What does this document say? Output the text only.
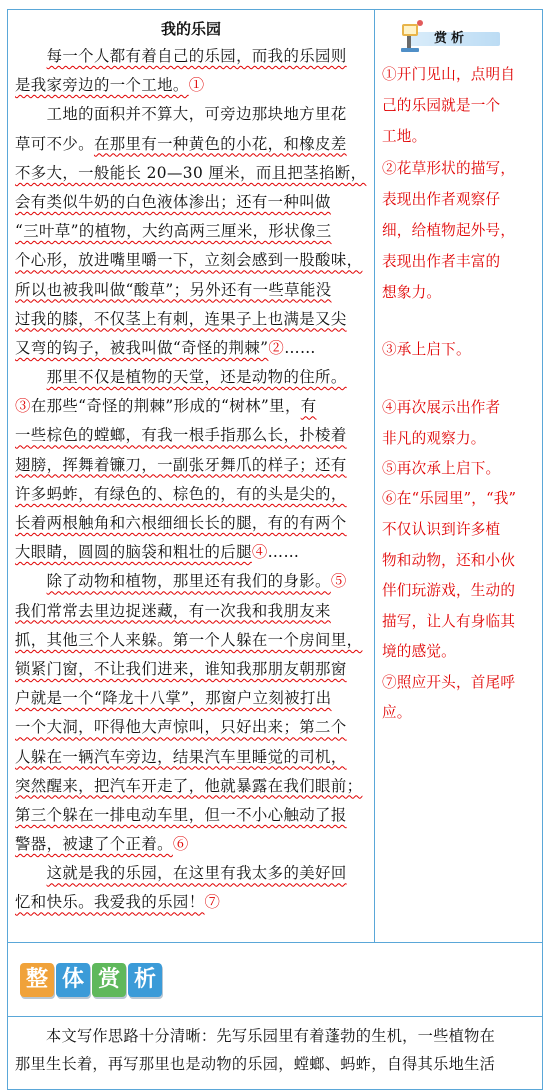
我的乐园
　　每一个人都有着自己的乐园，而我的乐园则
是我家旁边的一个工地。①
　　工地的面积并不算大，可旁边那块地方里花
草可不少。在那里有一种黄色的小花，和橡皮差
不多大，一般能长 20—30 厘米，而且把茎掐断，
会有类似牛奶的白色液体渗出；还有一种叫做
“三叶草”的植物，大约高两三厘米，形状像三
个心形，放进嘴里嚼一下，立刻会感到一股酸味，
所以也被我叫做“酸草”；另外还有一些草能没
过我的膝，不仅茎上有刺，连果子上也满是又尖
又弯的钩子，被我叫做“奇怪的荆棘”②……
　　那里不仅是植物的天堂，还是动物的住所。
③在那些“奇怪的荆棘”形成的“树林”里，有
一些棕色的螳螂，有我一根手指那么长，扑棱着
翅膀，挥舞着镰刀，一副张牙舞爪的样子；还有
许多蚂蚱，有绿色的、棕色的，有的头是尖的，
长着两根触角和六根细细长长的腿，有的有两个
大眼睛，圆圆的脑袋和粗壮的后腿④……
　　除了动物和植物，那里还有我们的身影。⑤
我们常常去里边捉迷藏，有一次我和我朋友来
抓，其他三个人来躲。第一个人躲在一个房间里，
锁紧门窗，不让我们进来，谁知我那朋友朝那窗
户就是一个“降龙十八掌”，那窗户立刻被打出
一个大洞，吓得他大声惊叫，只好出来；第二个
人躲在一辆汽车旁边，结果汽车里睡觉的司机，
突然醒来，把汽车开走了，他就暴露在我们眼前；
第三个躲在一排电动车里，但一不小心触动了报
警器，被逮了个正着。⑥
　　这就是我的乐园，在这里有我太多的美好回
忆和快乐。我爱我的乐园！⑦
赏析
①开门见山，点明自
己的乐园就是一个
工地。
②花草形状的描写，
表现出作者观察仔
细，给植物起外号，
表现出作者丰富的
想象力。
③承上启下。
④再次展示出作者
非凡的观察力。
⑤再次承上启下。
⑥在“乐园里”，“我”
不仅认识到许多植
物和动物，还和小伙
伴们玩游戏，生动的
描写，让人有身临其
境的感觉。
⑦照应开头，首尾呼
应。
整 体 赏 析
　　本文写作思路十分清晰：先写乐园里有着蓬勃的生机，一些植物在
那里生长着，再写那里也是动物的乐园，螳螂、蚂蚱，自得其乐地生活
